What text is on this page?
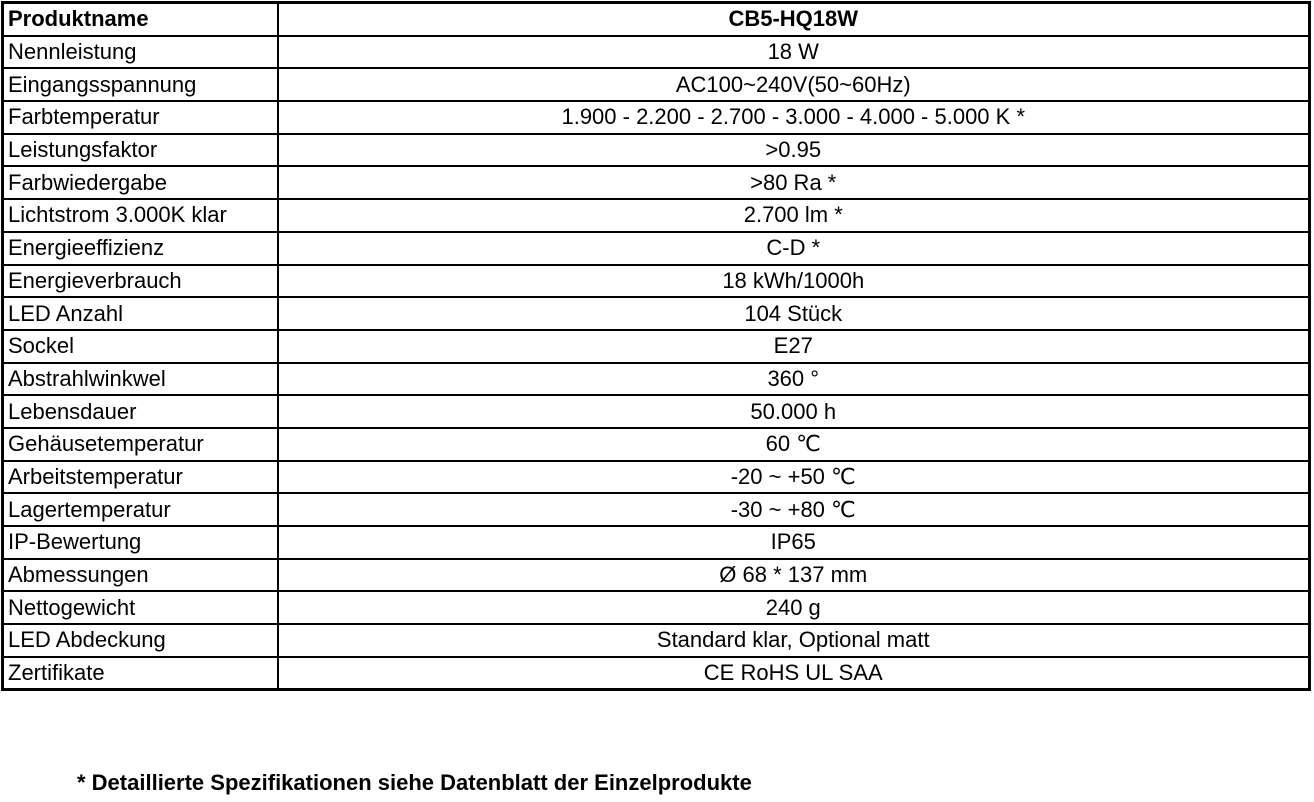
Produktname	CB5-HQ18W
Nennleistung	18 W
Eingangsspannung	AC100~240V(50~60Hz)
Farbtemperatur	1.900 - 2.200 - 2.700 - 3.000 - 4.000 - 5.000 K *
Leistungsfaktor	>0.95
Farbwiedergabe	>80 Ra *
Lichtstrom 3.000K klar	2.700 lm *
Energieeffizienz	C-D *
Energieverbrauch	18 kWh/1000h
LED Anzahl	104 Stück
Sockel	E27
Abstrahlwinkwel	360 °
Lebensdauer	50.000 h
Gehäusetemperatur	60 ℃
Arbeitstemperatur	-20 ~ +50 ℃
Lagertemperatur	-30 ~ +80 ℃
IP-Bewertung	IP65
Abmessungen	Ø 68 * 137 mm
Nettogewicht	240 g
LED Abdeckung	Standard klar, Optional matt
Zertifikate	CE RoHS UL SAA
* Detaillierte Spezifikationen siehe Datenblatt der Einzelprodukte
